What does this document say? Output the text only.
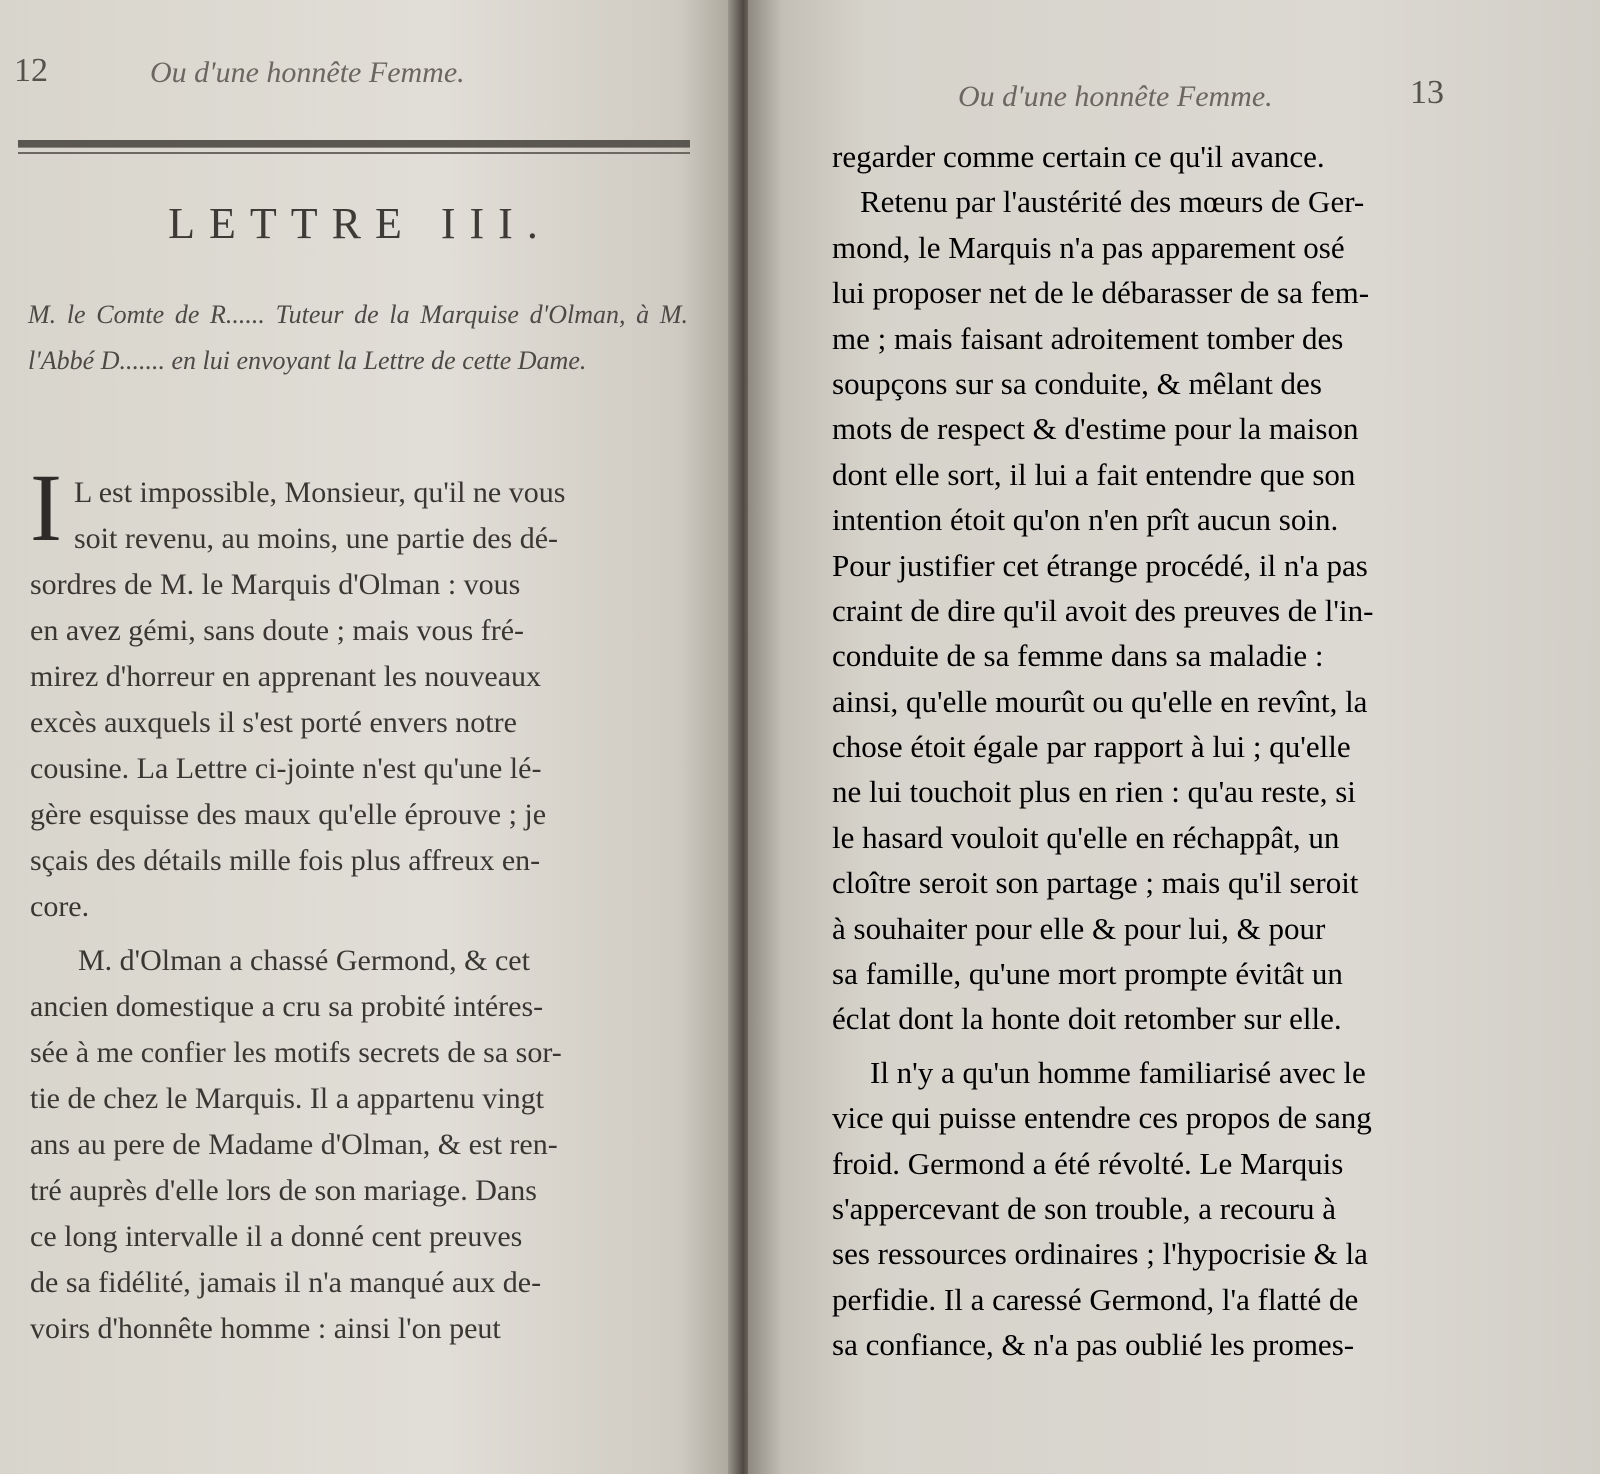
12	Ou d'une honnête Femme.
LETTRE III.
M. le Comte de R...... Tuteur de la Marquise d'Olman, à M. l'Abbé D....... en lui envoyant la Lettre de cette Dame.
I L est impossible, Monsieur, qu'il ne vous
soit revenu, au moins, une partie des dé-
sordres de M. le Marquis d'Olman : vous
en avez gémi, sans doute ; mais vous fré-
mirez d'horreur en apprenant les nouveaux
excès auxquels il s'est porté envers notre
cousine. La Lettre ci-jointe n'est qu'une lé-
gère esquisse des maux qu'elle éprouve ; je
sçais des détails mille fois plus affreux en-
core.
M. d'Olman a chassé Germond, & cet
ancien domestique a cru sa probité intéres-
sée à me confier les motifs secrets de sa sor-
tie de chez le Marquis. Il a appartenu vingt
ans au pere de Madame d'Olman, & est ren-
tré auprès d'elle lors de son mariage. Dans
ce long intervalle il a donné cent preuves
de sa fidélité, jamais il n'a manqué aux de-
voirs d'honnête homme : ainsi l'on peut
Ou d'une honnête Femme.	13
regarder comme certain ce qu'il avance.
Retenu par l'austérité des mœurs de Ger-
mond, le Marquis n'a pas apparement osé
lui proposer net de le débarasser de sa fem-
me ; mais faisant adroitement tomber des
soupçons sur sa conduite, & mêlant des
mots de respect & d'estime pour la maison
dont elle sort, il lui a fait entendre que son
intention étoit qu'on n'en prît aucun soin.
Pour justifier cet étrange procédé, il n'a pas
craint de dire qu'il avoit des preuves de l'in-
conduite de sa femme dans sa maladie :
ainsi, qu'elle mourût ou qu'elle en revînt, la
chose étoit égale par rapport à lui ; qu'elle
ne lui touchoit plus en rien : qu'au reste, si
le hasard vouloit qu'elle en réchappât, un
cloître seroit son partage ; mais qu'il seroit
à souhaiter pour elle & pour lui, & pour
sa famille, qu'une mort prompte évitât un
éclat dont la honte doit retomber sur elle.
Il n'y a qu'un homme familiarisé avec le
vice qui puisse entendre ces propos de sang
froid. Germond a été révolté. Le Marquis
s'appercevant de son trouble, a recouru à
ses ressources ordinaires ; l'hypocrisie & la
perfidie. Il a caressé Germond, l'a flatté de
sa confiance, & n'a pas oublié les promes-
